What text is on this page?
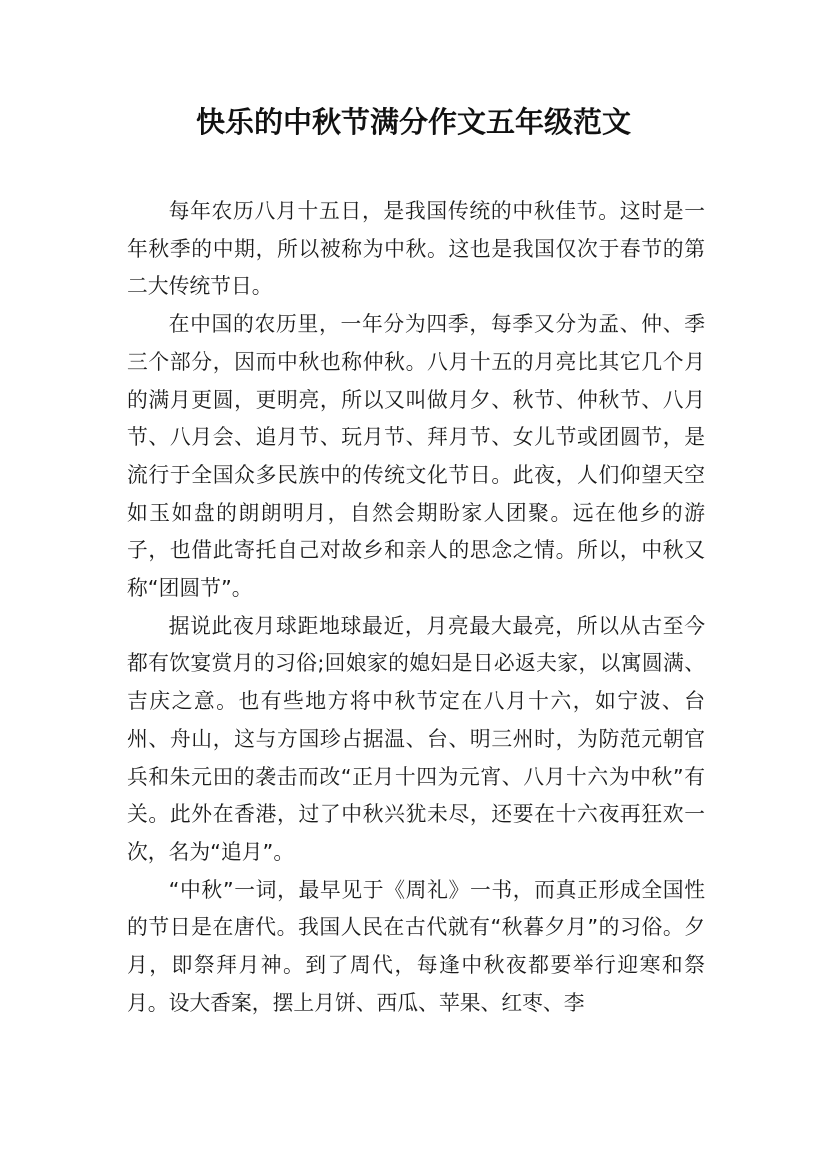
快乐的中秋节满分作文五年级范文

每年农历八月十五日，是我国传统的中秋佳节。这时是一年秋季的中期，所以被称为中秋。这也是我国仅次于春节的第二大传统节日。

在中国的农历里，一年分为四季，每季又分为孟、仲、季三个部分，因而中秋也称仲秋。八月十五的月亮比其它几个月的满月更圆，更明亮，所以又叫做月夕、秋节、仲秋节、八月节、八月会、追月节、玩月节、拜月节、女儿节或团圆节，是流行于全国众多民族中的传统文化节日。此夜，人们仰望天空如玉如盘的朗朗明月，自然会期盼家人团聚。远在他乡的游子，也借此寄托自己对故乡和亲人的思念之情。所以，中秋又称“团圆节”。

据说此夜月球距地球最近，月亮最大最亮，所以从古至今都有饮宴赏月的习俗;回娘家的媳妇是日必返夫家，以寓圆满、吉庆之意。也有些地方将中秋节定在八月十六，如宁波、台州、舟山，这与方国珍占据温、台、明三州时，为防范元朝官兵和朱元田的袭击而改“正月十四为元宵、八月十六为中秋”有关。此外在香港，过了中秋兴犹未尽，还要在十六夜再狂欢一次，名为“追月”。

“中秋”一词，最早见于《周礼》一书，而真正形成全国性的节日是在唐代。我国人民在古代就有“秋暮夕月”的习俗。夕月，即祭拜月神。到了周代，每逢中秋夜都要举行迎寒和祭月。设大香案，摆上月饼、西瓜、苹果、红枣、李
